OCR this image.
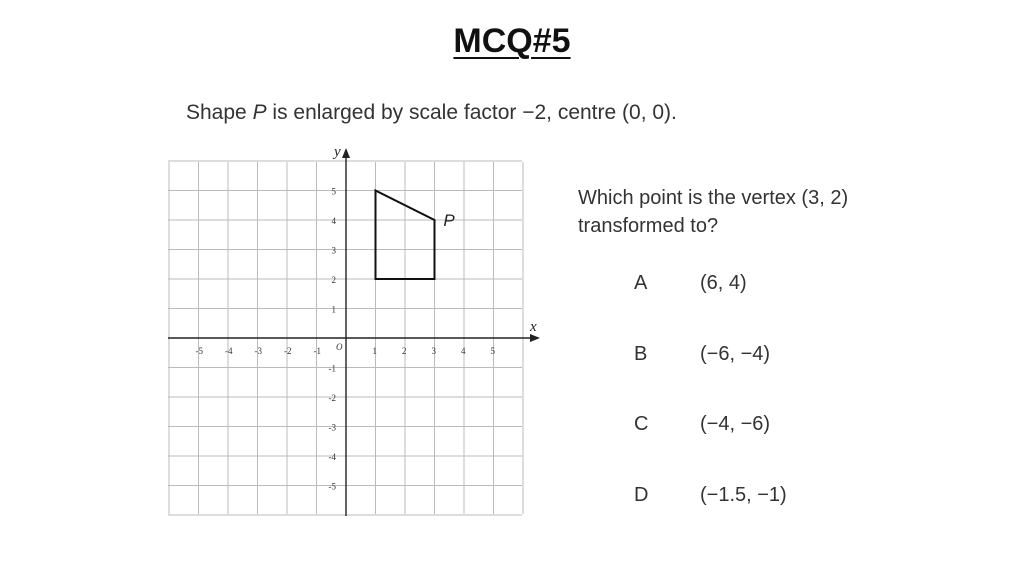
MCQ#5
Shape P is enlarged by scale factor −2, centre (0, 0).
x
y
O
-5 -4 -3 -2 -1	1	2	3	4	5
5
4
3
2
1
-1
-2
-3
-4
-5
P
Which point is the vertex (3, 2)
transformed to?
A	(6, 4)
B	(−6, −4)
C	(−4, −6)
D	(−1.5, −1)
